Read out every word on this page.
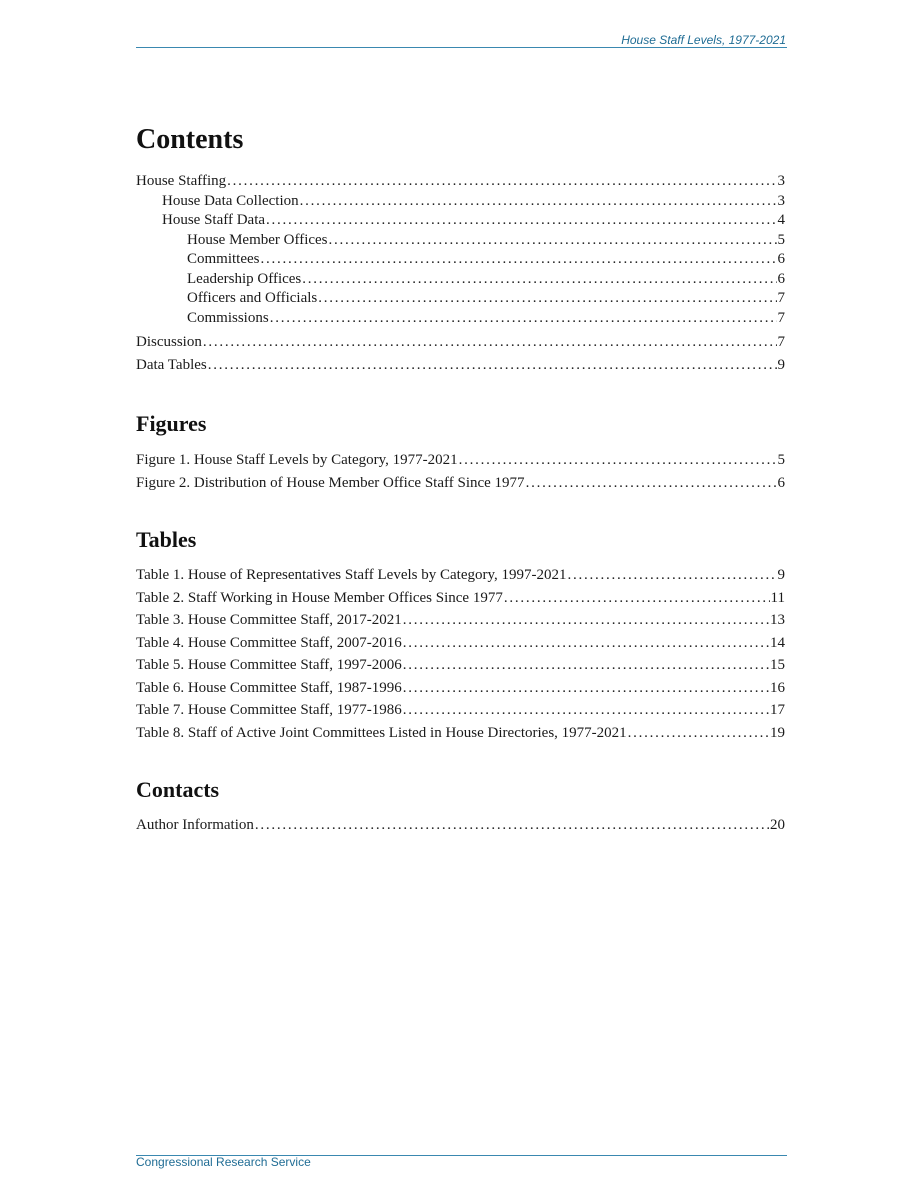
House Staff Levels, 1977-2021
Contents
House Staffing . . .	3
House Data Collection . . .	3
House Staff Data . . .	4
House Member Offices . . .	5
Committees . . .	6
Leadership Offices . . .	6
Officers and Officials . . .	7
Commissions . . .	7
Discussion . . .	7
Data Tables . . .	9
Figures
Figure 1. House Staff Levels by Category, 1977-2021 . . .	5
Figure 2. Distribution of House Member Office Staff Since 1977 . . .	6
Tables
Table 1. House of Representatives Staff Levels by Category, 1997-2021 . . .	9
Table 2. Staff Working in House Member Offices Since 1977 . . .	11
Table 3. House Committee Staff, 2017-2021 . . .	13
Table 4. House Committee Staff, 2007-2016 . . .	14
Table 5. House Committee Staff, 1997-2006 . . .	15
Table 6. House Committee Staff, 1987-1996 . . .	16
Table 7. House Committee Staff, 1977-1986 . . .	17
Table 8. Staff of Active Joint Committees Listed in House Directories, 1977-2021 . . .	19
Contacts
Author Information . . .	20
Congressional Research Service
